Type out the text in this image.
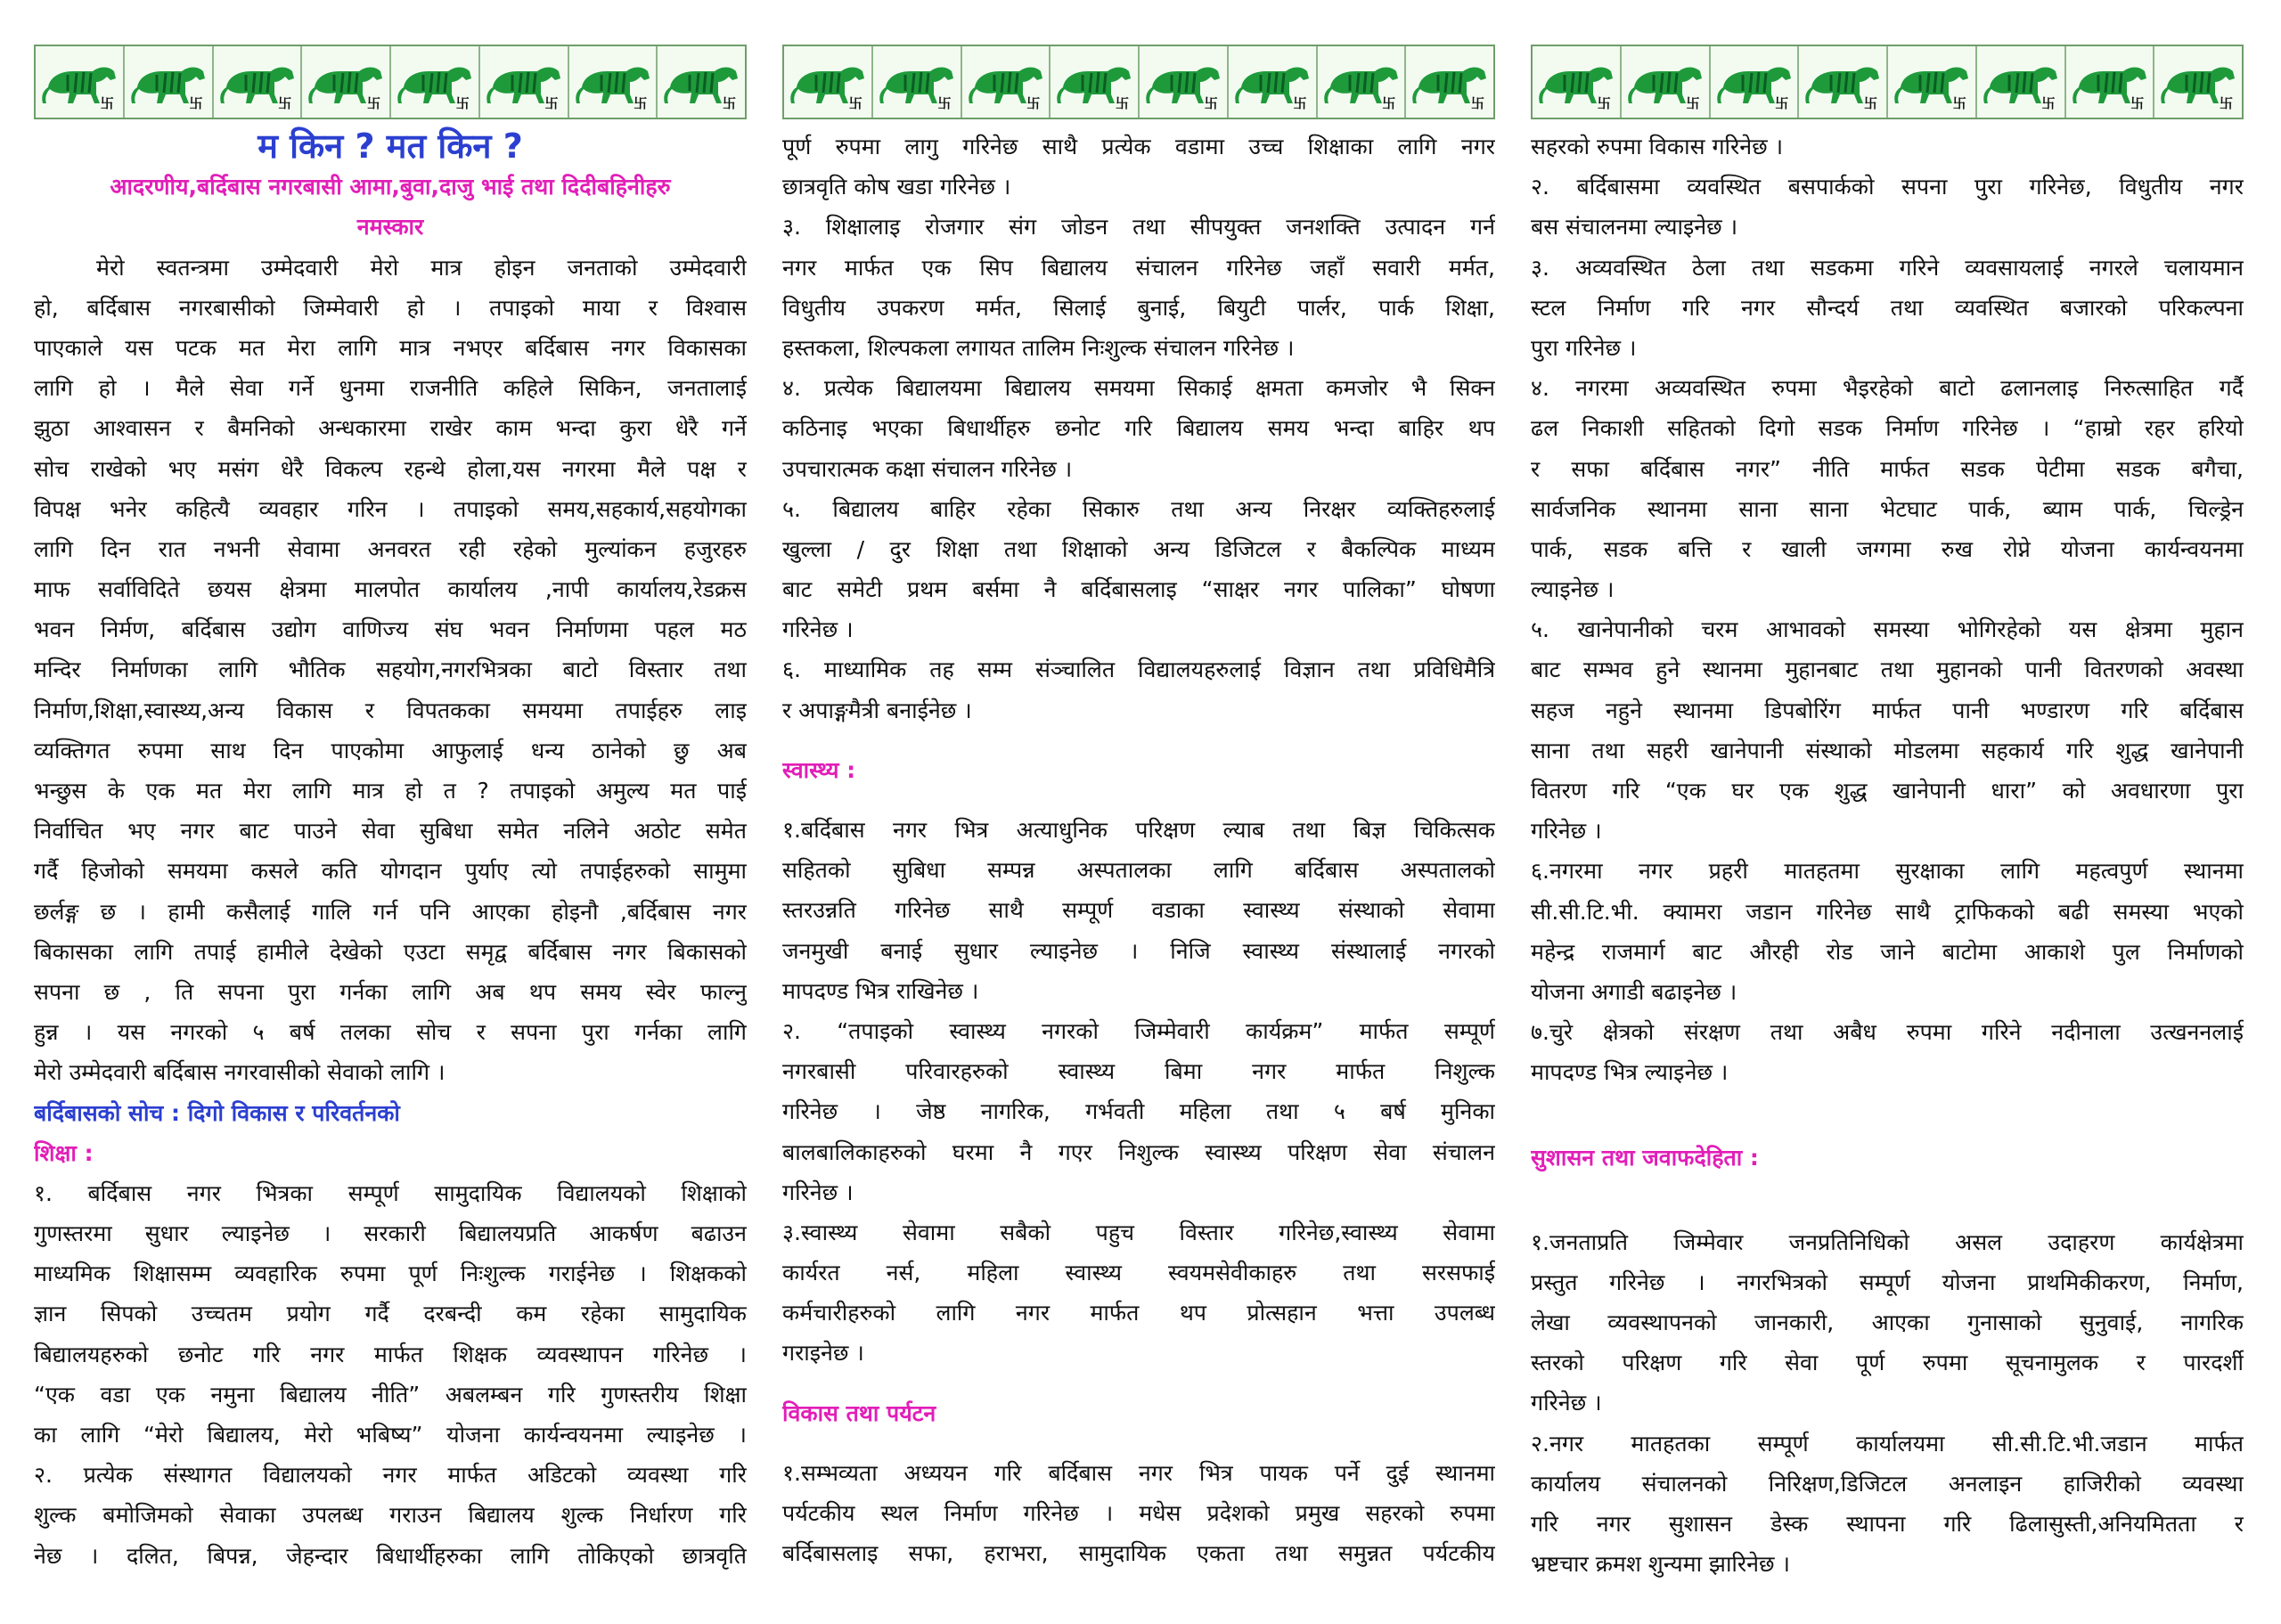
卐	卐	卐	卐	卐	卐	卐	卐
म किन ? मत किन ?
आदरणीय,बर्दिबास नगरबासी आमा,बुवा,दाजु भाई तथा दिदीबहिनीहरु
नमस्कार
मेरो स्वतन्त्रमा उम्मेदवारी मेरो मात्र होइन जनताको उम्मेदवारी
हो, बर्दिबास नगरबासीको जिम्मेवारी हो । तपाइको माया र विश्वास
पाएकाले यस पटक मत मेरा लागि मात्र नभएर बर्दिबास नगर विकासका
लागि हो । मैले सेवा गर्ने धुनमा राजनीति कहिले सिकिन, जनतालाई
झुठा आश्वासन र बैमनिको अन्धकारमा राखेर काम भन्दा कुरा धेरै गर्ने
सोच राखेको भए मसंग धेरै विकल्प रहन्थे होला,यस नगरमा मैले पक्ष र
विपक्ष भनेर कहित्यै व्यवहार गरिन । तपाइको समय,सहकार्य,सहयोगका
लागि दिन रात नभनी सेवामा अनवरत रही रहेको मुल्यांकन हजुरहरु
माफ सर्वाविदिते छयस क्षेत्रमा मालपोत कार्यालय ,नापी कार्यालय,रेडक्रस
भवन निर्मण, बर्दिबास उद्योग वाणिज्य संघ भवन निर्माणमा पहल मठ
मन्दिर निर्माणका लागि भौतिक सहयोग,नगरभित्रका बाटो विस्तार तथा
निर्माण,शिक्षा,स्वास्थ्य,अन्य विकास र विपतकका समयमा तपाईहरु लाइ
व्यक्तिगत रुपमा साथ दिन पाएकोमा आफुलाई धन्य ठानेको छु अब
भन्छुस के एक मत मेरा लागि मात्र हो त ? तपाइको अमुल्य मत पाई
निर्वाचित भए नगर बाट पाउने सेवा सुबिधा समेत नलिने अठोट समेत
गर्दै हिजोको समयमा कसले कति योगदान पुर्याए त्यो तपाईहरुको सामुमा
छर्लङ्ग छ । हामी कसैलाई गालि गर्न पनि आएका होइनौ ,बर्दिबास नगर
बिकासका लागि तपाई हामीले देखेको एउटा समृद्व बर्दिबास नगर बिकासको
सपना छ , ति सपना पुरा गर्नका लागि अब थप समय स्वेर फाल्नु
हुन्न । यस नगरको ५ बर्ष तलका सोच र सपना पुरा गर्नका लागि
मेरो उम्मेदवारी बर्दिबास नगरवासीको सेवाको लागि ।
बर्दिबासको सोच : दिगो विकास र परिवर्तनको
शिक्षा :
१. बर्दिबास नगर भित्रका सम्पूर्ण सामुदायिक विद्यालयको शिक्षाको
गुणस्तरमा सुधार ल्याइनेछ । सरकारी बिद्यालयप्रति आकर्षण बढाउन
माध्यमिक शिक्षासम्म व्यवहारिक रुपमा पूर्ण निःशुल्क गराईनेछ । शिक्षकको
ज्ञान सिपको उच्चतम प्रयोग गर्दै दरबन्दी कम रहेका सामुदायिक
बिद्यालयहरुको छनोट गरि नगर मार्फत शिक्षक व्यवस्थापन गरिनेछ ।
“एक वडा एक नमुना बिद्यालय नीति” अबलम्बन गरि गुणस्तरीय शिक्षा
का लागि “मेरो बिद्यालय, मेरो भबिष्य” योजना कार्यन्वयनमा ल्याइनेछ ।
२. प्रत्येक संस्थागत विद्यालयको नगर मार्फत अडिटको व्यवस्था गरि
शुल्क बमोजिमको सेवाका उपलब्ध गराउन बिद्यालय शुल्क निर्धारण गरि
नेछ । दलित, बिपन्न, जेहन्दार बिधार्थीहरुका लागि तोकिएको छात्रवृति
卐	卐	卐	卐	卐	卐	卐	卐
पूर्ण रुपमा लागु गरिनेछ साथै प्रत्येक वडामा उच्च शिक्षाका लागि नगर
छात्रवृति कोष खडा गरिनेछ ।
३. शिक्षालाइ रोजगार संग जोडन तथा सीपयुक्त जनशक्ति उत्पादन गर्न
नगर मार्फत एक सिप बिद्यालय संचालन गरिनेछ जहाँ सवारी मर्मत,
विधुतीय उपकरण मर्मत, सिलाई बुनाई, बियुटी पार्लर, पार्क शिक्षा,
हस्तकला, शिल्पकला लगायत तालिम निःशुल्क संचालन गरिनेछ ।
४. प्रत्येक बिद्यालयमा बिद्यालय समयमा सिकाई क्षमता कमजोर भै सिक्न
कठिनाइ भएका बिधार्थीहरु छनोट गरि बिद्यालय समय भन्दा बाहिर थप
उपचारात्मक कक्षा संचालन गरिनेछ ।
५. बिद्यालय बाहिर रहेका सिकारु तथा अन्य निरक्षर व्यक्तिहरुलाई
खुल्ला / दुर शिक्षा तथा शिक्षाको अन्य डिजिटल र बैकल्पिक माध्यम
बाट समेटी प्रथम बर्समा नै बर्दिबासलाइ “साक्षर नगर पालिका” घोषणा
गरिनेछ ।
६. माध्यामिक तह सम्म संञ्चालित विद्यालयहरुलाई विज्ञान तथा प्रविधिमैत्रि
र अपाङ्गमैत्री बनाईनेछ ।
स्वास्थ्य :
१.बर्दिबास नगर भित्र अत्याधुनिक परिक्षण ल्याब तथा बिज्ञ चिकित्सक
सहितको सुबिधा सम्पन्न अस्पतालका लागि बर्दिबास अस्पतालको
स्तरउन्नति गरिनेछ साथै सम्पूर्ण वडाका स्वास्थ्य संस्थाको सेवामा
जनमुखी बनाई सुधार ल्याइनेछ । निजि स्वास्थ्य संस्थालाई नगरको
मापदण्ड भित्र राखिनेछ ।
२. “तपाइको स्वास्थ्य नगरको जिम्मेवारी कार्यक्रम” मार्फत सम्पूर्ण
नगरबासी परिवारहरुको स्वास्थ्य बिमा नगर मार्फत निशुल्क
गरिनेछ । जेष्ठ नागरिक, गर्भवती महिला तथा ५ बर्ष मुनिका
बालबालिकाहरुको घरमा नै गएर निशुल्क स्वास्थ्य परिक्षण सेवा संचालन
गरिनेछ ।
३.स्वास्थ्य सेवामा सबैको पहुच विस्तार गरिनेछ,स्वास्थ्य सेवामा
कार्यरत नर्स, महिला स्वास्थ्य स्वयमसेवीकाहरु तथा सरसफाई
कर्मचारीहरुको लागि नगर मार्फत थप प्रोत्सहान भत्ता उपलब्ध
गराइनेछ ।
विकास तथा पर्यटन
१.सम्भव्यता अध्ययन गरि बर्दिबास नगर भित्र पायक पर्ने दुई स्थानमा
पर्यटकीय स्थल निर्माण गरिनेछ । मधेस प्रदेशको प्रमुख सहरको रुपमा
बर्दिबासलाइ सफा, हराभरा, सामुदायिक एकता तथा समुन्नत पर्यटकीय
卐	卐	卐	卐	卐	卐	卐	卐
सहरको रुपमा विकास गरिनेछ ।
२. बर्दिबासमा व्यवस्थित बसपार्कको सपना पुरा गरिनेछ, विधुतीय नगर
बस संचालनमा ल्याइनेछ ।
३. अव्यवस्थित ठेला तथा सडकमा गरिने व्यवसायलाई नगरले चलायमान
स्टल निर्माण गरि नगर सौन्दर्य तथा व्यवस्थित बजारको परिकल्पना
पुरा गरिनेछ ।
४. नगरमा अव्यवस्थित रुपमा भैइरहेको बाटो ढलानलाइ निरुत्साहित गर्दै
ढल निकाशी सहितको दिगो सडक निर्माण गरिनेछ । “हाम्रो रहर हरियो
र सफा बर्दिबास नगर” नीति मार्फत सडक पेटीमा सडक बगैचा,
सार्वजनिक स्थानमा साना साना भेटघाट पार्क, ब्याम पार्क, चिल्ड्रेन
पार्क, सडक बत्ति र खाली जग्गमा रुख रोप्ने योजना कार्यन्वयनमा
ल्याइनेछ ।
५. खानेपानीको चरम आभावको समस्या भोगिरहेको यस क्षेत्रमा मुहान
बाट सम्भव हुने स्थानमा मुहानबाट तथा मुहानको पानी वितरणको अवस्था
सहज नहुने स्थानमा डिपबोरिंग मार्फत पानी भण्डारण गरि बर्दिबास
साना तथा सहरी खानेपानी संस्थाको मोडलमा सहकार्य गरि शुद्ध खानेपानी
वितरण गरि “एक घर एक शुद्ध खानेपानी धारा” को अवधारणा पुरा
गरिनेछ ।
६.नगरमा नगर प्रहरी मातहतमा सुरक्षाका लागि महत्वपुर्ण स्थानमा
सी.सी.टि.भी. क्यामरा जडान गरिनेछ साथै ट्राफिकको बढी समस्या भएको
महेन्द्र राजमार्ग बाट औरही रोड जाने बाटोमा आकाशे पुल निर्माणको
योजना अगाडी बढाइनेछ ।
७.चुरे क्षेत्रको संरक्षण तथा अबैध रुपमा गरिने नदीनाला उत्खननलाई
मापदण्ड भित्र ल्याइनेछ ।
सुशासन तथा जवाफदेहिता :
१.जनताप्रति जिम्मेवार जनप्रतिनिधिको असल उदाहरण कार्यक्षेत्रमा
प्रस्तुत गरिनेछ । नगरभित्रको सम्पूर्ण योजना प्राथमिकीकरण, निर्माण,
लेखा व्यवस्थापनको जानकारी, आएका गुनासाको सुनुवाई, नागरिक
स्तरको परिक्षण गरि सेवा पूर्ण रुपमा सूचनामुलक र पारदर्शी
गरिनेछ ।
२.नगर मातहतका सम्पूर्ण कार्यालयमा सी.सी.टि.भी.जडान मार्फत
कार्यालय संचालनको निरिक्षण,डिजिटल अनलाइन हाजिरीको व्यवस्था
गरि नगर सुशासन डेस्क स्थापना गरि ढिलासुस्ती,अनियमितता र
भ्रष्टचार क्रमश शुन्यमा झारिनेछ ।
